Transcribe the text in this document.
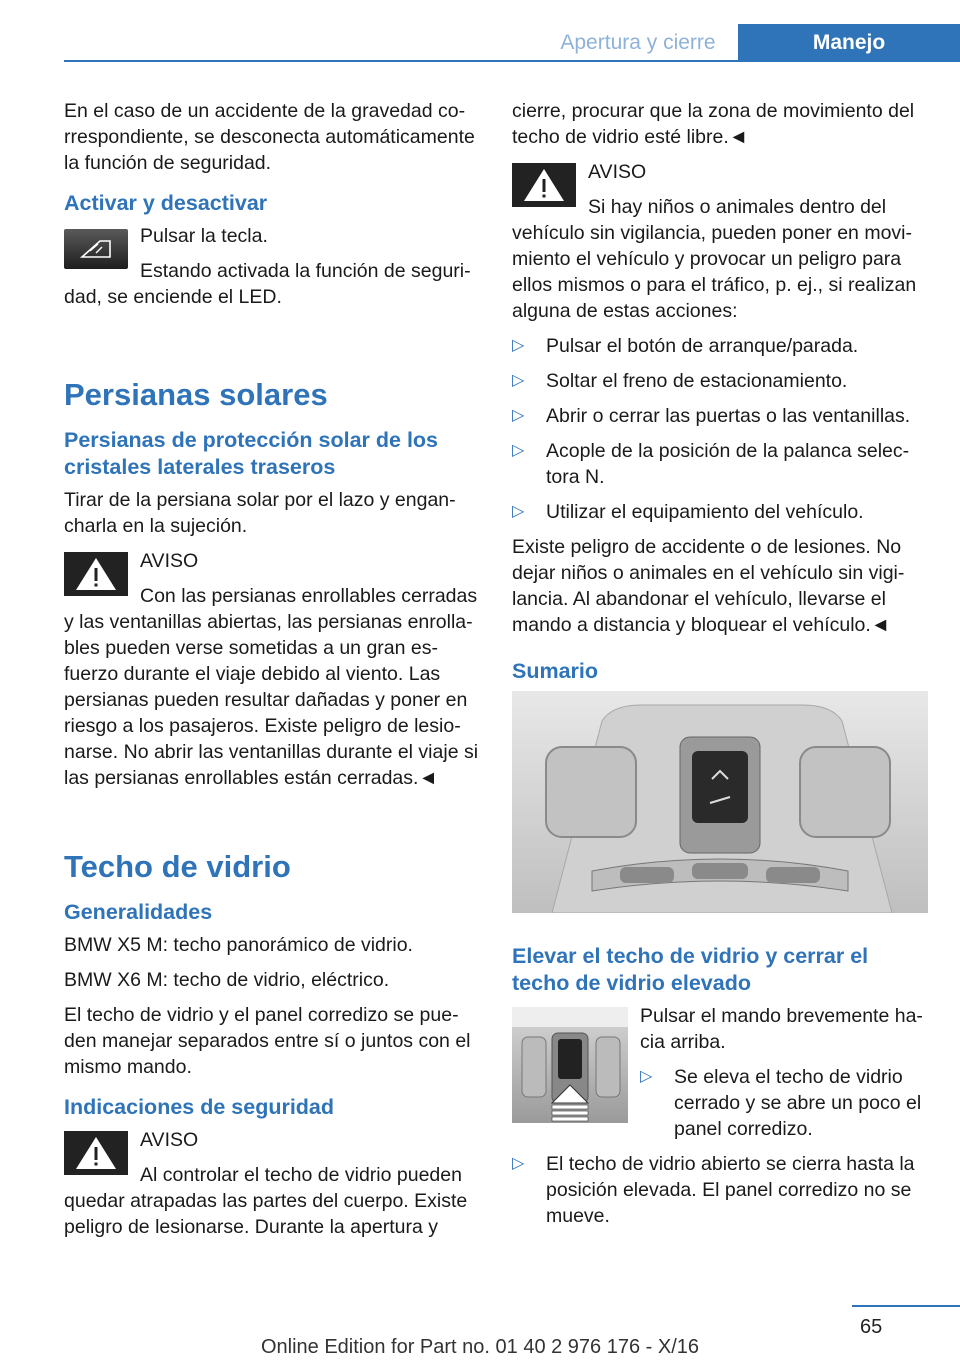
Apertura y cierre	Manejo

En el caso de un accidente de la gravedad correspondiente, se desconecta automáticamente la función de seguridad.

Activar y desactivar

Pulsar la tecla.

Estando activada la función de seguridad, se enciende el LED.

Persianas solares
Persianas de protección solar de los cristales laterales traseros

Tirar de la persiana solar por el lazo y engancharla en la sujeción.

AVISO

Con las persianas enrollables cerradas y las ventanillas abiertas, las persianas enrollables pueden verse sometidas a un gran esfuerzo durante el viaje debido al viento. Las persianas pueden resultar dañadas y poner en riesgo a los pasajeros. Existe peligro de lesionarse. No abrir las ventanillas durante el viaje si las persianas enrollables están cerradas.◄

Techo de vidrio
Generalidades

BMW X5 M: techo panorámico de vidrio.

BMW X6 M: techo de vidrio, eléctrico.

El techo de vidrio y el panel corredizo se pueden manejar separados entre sí o juntos con el mismo mando.

Indicaciones de seguridad

AVISO

Al controlar el techo de vidrio pueden quedar atrapadas las partes del cuerpo. Existe peligro de lesionarse. Durante la apertura y

cierre, procurar que la zona de movimiento del techo de vidrio esté libre.◄

AVISO

Si hay niños o animales dentro del vehículo sin vigilancia, pueden poner en movimiento el vehículo y provocar un peligro para ellos mismos o para el tráfico, p. ej., si realizan alguna de estas acciones:

▷ Pulsar el botón de arranque/parada.
▷ Soltar el freno de estacionamiento.
▷ Abrir o cerrar las puertas o las ventanillas.
▷ Acople de la posición de la palanca selectora N.
▷ Utilizar el equipamiento del vehículo.

Existe peligro de accidente o de lesiones. No dejar niños o animales en el vehículo sin vigilancia. Al abandonar el vehículo, llevarse el mando a distancia y bloquear el vehículo.◄

Sumario
Elevar el techo de vidrio y cerrar el techo de vidrio elevado

Pulsar el mando brevemente hacia arriba.

▷ Se eleva el techo de vidrio cerrado y se abre un poco el panel corredizo.
▷ El techo de vidrio abierto se cierra hasta la posición elevada. El panel corredizo no se mueve.
65
Online Edition for Part no. 01 40 2 976 176 - X/16
